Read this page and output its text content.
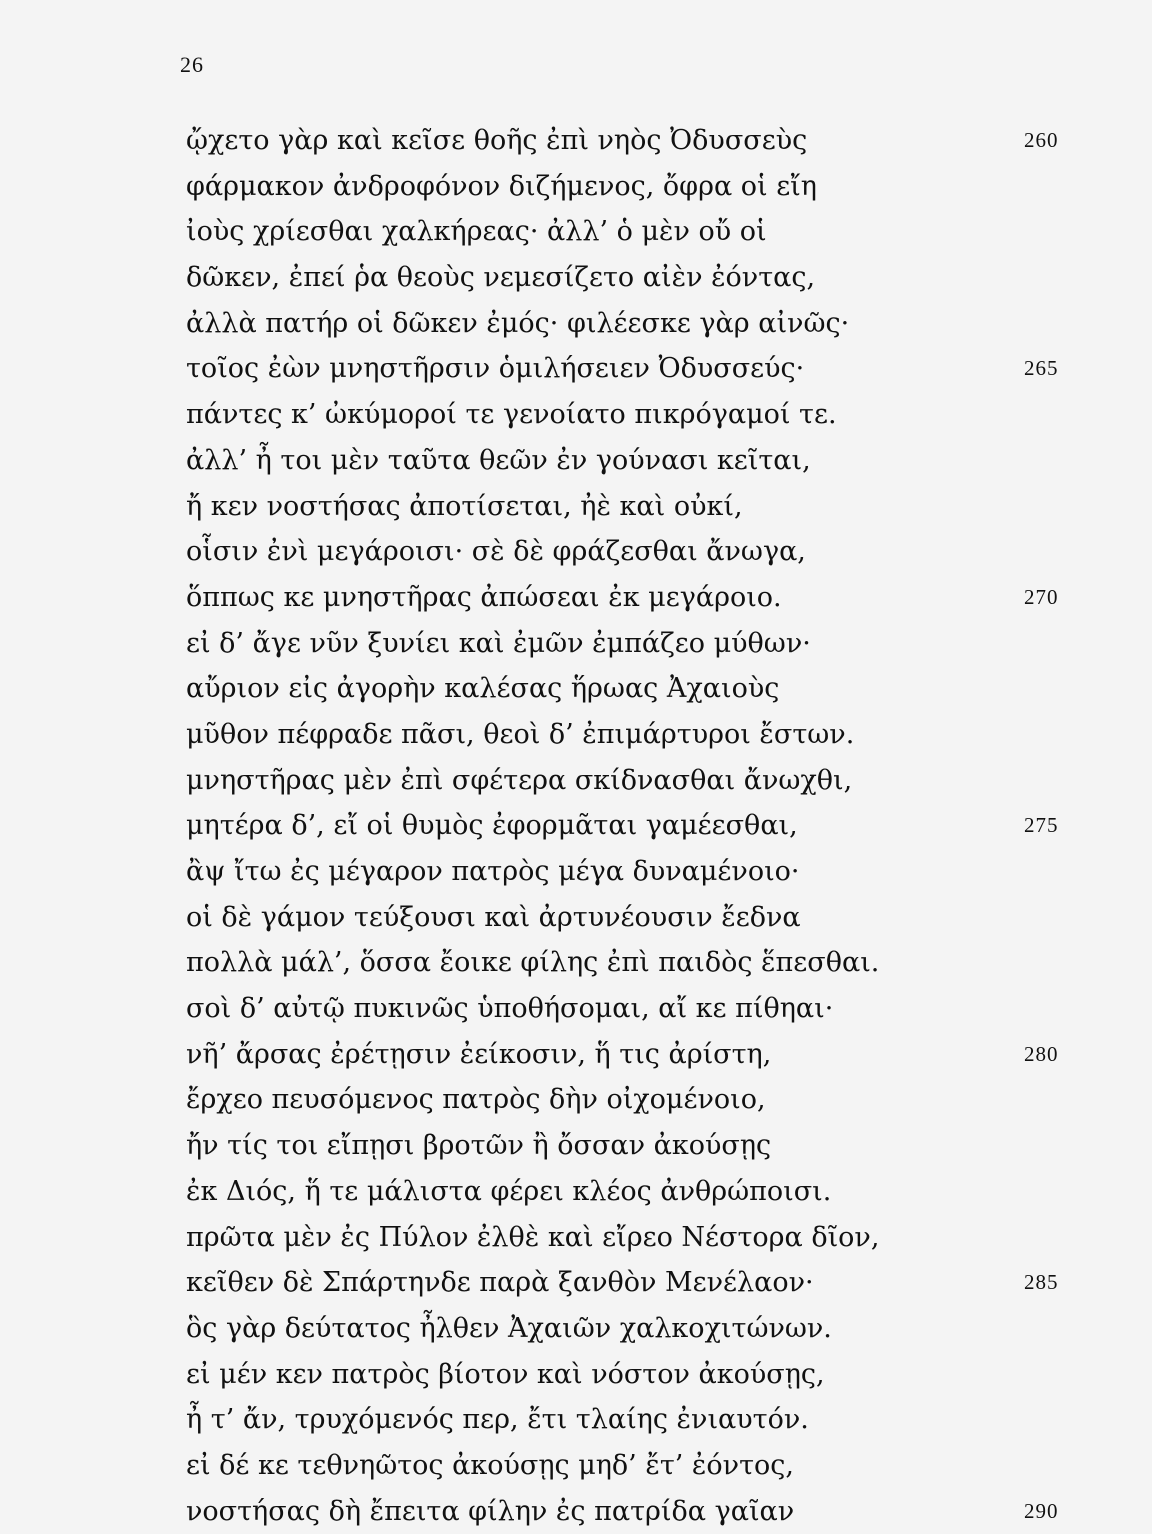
26
ᾤχετο γὰρ καὶ κεῖσε θοῆς ἐπὶ νηὸς Ὀδυσσεὺς	260
φάρμακον ἀνδροφόνον διζήμενος, ὄφρα οἱ εἴη
ἰοὺς χρίεσθαι χαλκήρεας· ἀλλ’ ὁ μὲν οὔ οἱ
δῶκεν, ἐπεί ῥα θεοὺς νεμεσίζετο αἰὲν ἐόντας,
ἀλλὰ πατήρ οἱ δῶκεν ἐμός· φιλέεσκε γὰρ αἰνῶς·
τοῖος ἐὼν μνηστῆρσιν ὁμιλήσειεν Ὀδυσσεύς·	265
πάντες κ’ ὠκύμοροί τε γενοίατο πικρόγαμοί τε.
ἀλλ’ ἦ τοι μὲν ταῦτα θεῶν ἐν γούνασι κεῖται,
ἤ κεν νοστήσας ἀποτίσεται, ἠὲ καὶ οὐκί,
οἷσιν ἐνὶ μεγάροισι· σὲ δὲ φράζεσθαι ἄνωγα,
ὅππως κε μνηστῆρας ἀπώσεαι ἐκ μεγάροιο.	270
εἰ δ’ ἄγε νῦν ξυνίει καὶ ἐμῶν ἐμπάζεο μύθων·
αὔριον εἰς ἀγορὴν καλέσας ἥρωας Ἀχαιοὺς
μῦθον πέφραδε πᾶσι, θεοὶ δ’ ἐπιμάρτυροι ἔστων.
μνηστῆρας μὲν ἐπὶ σφέτερα σκίδνασθαι ἄνωχθι,
μητέρα δ’, εἴ οἱ θυμὸς ἐφορμᾶται γαμέεσθαι,	275
ἂψ ἴτω ἐς μέγαρον πατρὸς μέγα δυναμένοιο·
οἱ δὲ γάμον τεύξουσι καὶ ἀρτυνέουσιν ἔεδνα
πολλὰ μάλ’, ὅσσα ἔοικε φίλης ἐπὶ παιδὸς ἕπεσθαι.
σοὶ δ’ αὐτῷ πυκινῶς ὑποθήσομαι, αἴ κε πίθηαι·
νῆ’ ἄρσας ἐρέτῃσιν ἐείκοσιν, ἥ τις ἀρίστη,	280
ἔρχεο πευσόμενος πατρὸς δὴν οἰχομένοιο,
ἤν τίς τοι εἴπῃσι βροτῶν ἢ ὄσσαν ἀκούσῃς
ἐκ Διός, ἥ τε μάλιστα φέρει κλέος ἀνθρώποισι.
πρῶτα μὲν ἐς Πύλον ἐλθὲ καὶ εἴρεο Νέστορα δῖον,
κεῖθεν δὲ Σπάρτηνδε παρὰ ξανθὸν Μενέλαον·	285
ὃς γὰρ δεύτατος ἦλθεν Ἀχαιῶν χαλκοχιτώνων.
εἰ μέν κεν πατρὸς βίοτον καὶ νόστον ἀκούσῃς,
ἦ τ’ ἄν, τρυχόμενός περ, ἔτι τλαίης ἐνιαυτόν.
εἰ δέ κε τεθνηῶτος ἀκούσῃς μηδ’ ἔτ’ ἐόντος,
νοστήσας δὴ ἔπειτα φίλην ἐς πατρίδα γαῖαν	290
